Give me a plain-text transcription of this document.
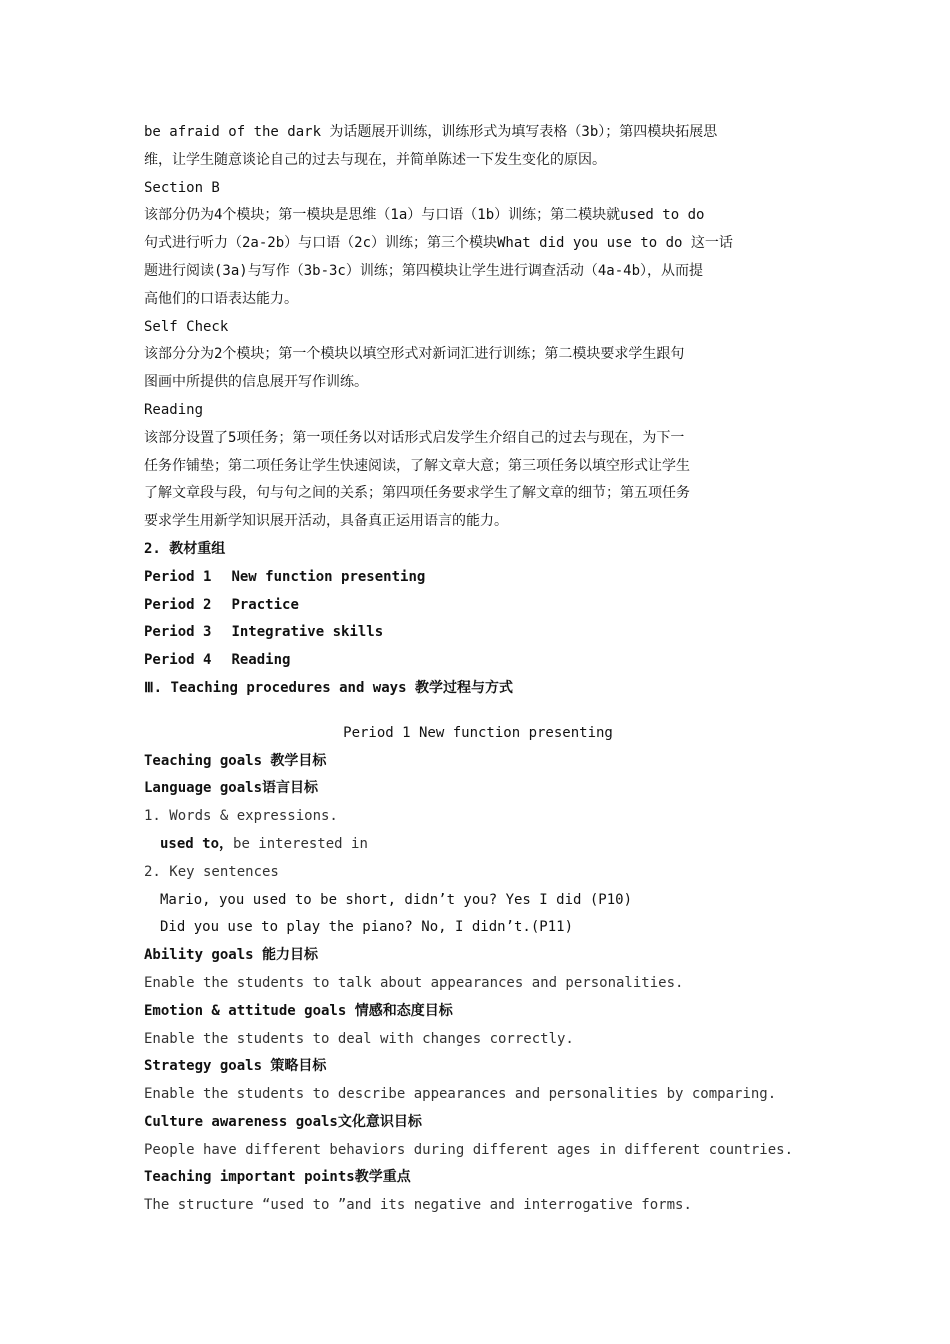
be afraid of the dark 为话题展开训练，训练形式为填写表格（3b）；第四模块拓展思
维，让学生随意谈论自己的过去与现在，并简单陈述一下发生变化的原因。
Section B
该部分仍为4个模块；第一模块是思维（1a）与口语（1b）训练；第二模块就used to do
句式进行听力（2a-2b）与口语（2c）训练；第三个模块What did you use to do 这一话
题进行阅读(3a)与写作（3b-3c）训练；第四模块让学生进行调查活动（4a-4b），从而提
高他们的口语表达能力。
Self Check
该部分分为2个模块；第一个模块以填空形式对新词汇进行训练；第二模块要求学生跟句
图画中所提供的信息展开写作训练。
Reading
该部分设置了5项任务；第一项任务以对话形式启发学生介绍自己的过去与现在，为下一
任务作铺垫；第二项任务让学生快速阅读，了解文章大意；第三项任务以填空形式让学生
了解文章段与段，句与句之间的关系；第四项任务要求学生了解文章的细节；第五项任务
要求学生用新学知识展开活动，具备真正运用语言的能力。
2. 教材重组
Period 1 New function presenting
Period 2 Practice
Period 3 Integrative skills
Period 4 Reading
Ⅲ. Teaching procedures and ways 教学过程与方式
Period 1 New function presenting
Teaching goals 教学目标
Language goals语言目标
1. Words & expressions.
used to，be interested in
2. Key sentences
Mario, you used to be short, didn’t you? Yes I did (P10)
Did you use to play the piano? No, I didn’t.(P11)
Ability goals 能力目标
Enable the students to talk about appearances and personalities.
Emotion & attitude goals 情感和态度目标
Enable the students to deal with changes correctly.
Strategy goals 策略目标
Enable the students to describe appearances and personalities by comparing.
Culture awareness goals文化意识目标
People have different behaviors during different ages in different countries.
Teaching important points教学重点
The structure “used to ”and its negative and interrogative forms.
